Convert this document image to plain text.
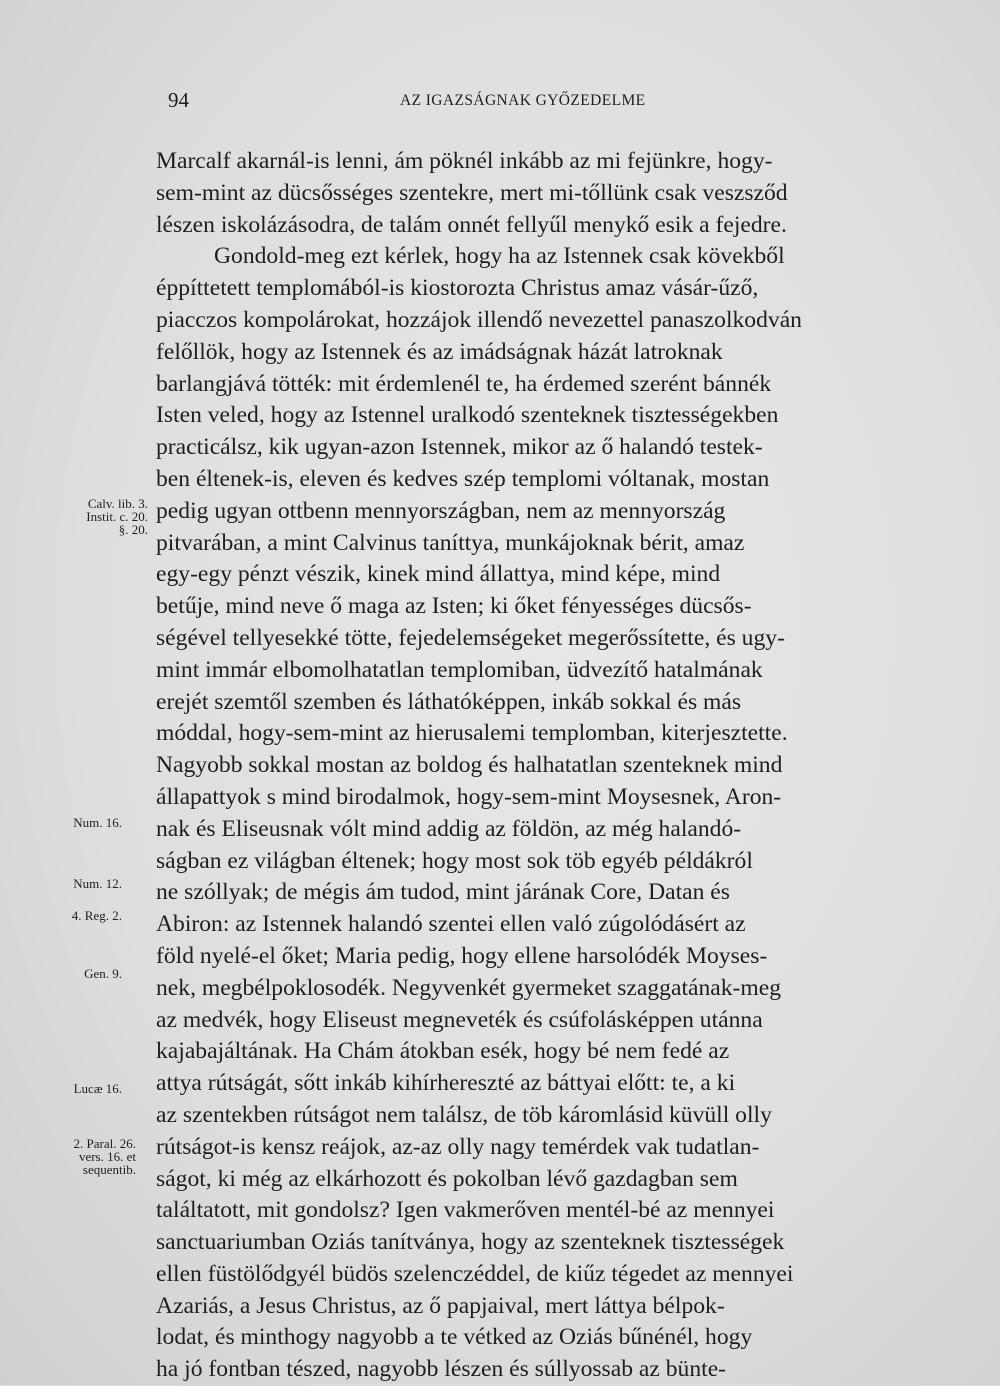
94	AZ IGAZSÁGNAK GYŐZEDELME
Marcalf akarnál-is lenni, ám pöknél inkább az mi fejünkre, hogy-
sem-mint az dücsősséges szentekre, mert mi-tőllünk csak veszsződ
lészen iskolázásodra, de talám onnét fellyűl menykő esik a fejedre.
Gondold-meg ezt kérlek, hogy ha az Istennek csak kövekből
éppíttetett templomából-is kiostorozta Christus amaz vásár-űző,
piacczos kompolárokat, hozzájok illendő nevezettel panaszolkodván
felőllök, hogy az Istennek és az imádságnak házát latroknak
barlangjává tötték: mit érdemlenél te, ha érdemed szerént bánnék
Isten veled, hogy az Istennel uralkodó szenteknek tisztességekben
practicálsz, kik ugyan-azon Istennek, mikor az ő halandó testek-
ben éltenek-is, eleven és kedves szép templomi vóltanak, mostan
pedig ugyan ottbenn mennyországban, nem az mennyország
pitvarában, a mint Calvinus taníttya, munkájoknak bérit, amaz
egy-egy pénzt vészik, kinek mind állattya, mind képe, mind
betűje, mind neve ő maga az Isten; ki őket fényességes dücsős-
ségével tellyesekké tötte, fejedelemségeket megerőssítette, és ugy-
mint immár elbomolhatatlan templomiban, üdvezítő hatalmának
erejét szemtől szemben és láthatóképpen, inkáb sokkal és más
móddal, hogy-sem-mint az hierusalemi templomban, kiterjesztette.
Nagyobb sokkal mostan az boldog és halhatatlan szenteknek mind
állapattyok s mind birodalmok, hogy-sem-mint Moysesnek, Aron-
nak és Eliseusnak vólt mind addig az földön, az még halandó-
ságban ez világban éltenek; hogy most sok töb egyéb példákról
ne szóllyak; de mégis ám tudod, mint járának Core, Datan és
Abiron: az Istennek halandó szentei ellen való zúgolódásért az
föld nyelé-el őket; Maria pedig, hogy ellene harsolódék Moyses-
nek, megbélpoklosodék. Negyvenkét gyermeket szaggatának-meg
az medvék, hogy Eliseust megneveték és csúfolásképpen utánna
kajabajáltának. Ha Chám átokban esék, hogy bé nem fedé az
attya rútságát, sőtt inkáb kihírhereszté az báttyai előtt: te, a ki
az szentekben rútságot nem találsz, de töb káromlásid küvüll olly
rútságot-is kensz reájok, az-az olly nagy temérdek vak tudatlan-
ságot, ki még az elkárhozott és pokolban lévő gazdagban sem
találtatott, mit gondolsz? Igen vakmerőven mentél-bé az mennyei
sanctuariumban Oziás tanítványa, hogy az szenteknek tisztességek
ellen füstölődgyél büdös szelenczéddel, de kiűz tégedet az mennyei
Azariás, a Jesus Christus, az ő papjaival, mert láttya bélpok-
lodat, és minthogy nagyobb a te vétked az Oziás bűnénél, hogy
ha jó fontban tészed, nagyobb lészen és súllyossab az bünte-
Calv. lib. 3.
Instit. c. 20.
§. 20.
Num. 16.
Num. 12.
4. Reg. 2.
Gen. 9.
Lucæ 16.
2. Paral. 26.
vers. 16. et
sequentib.
